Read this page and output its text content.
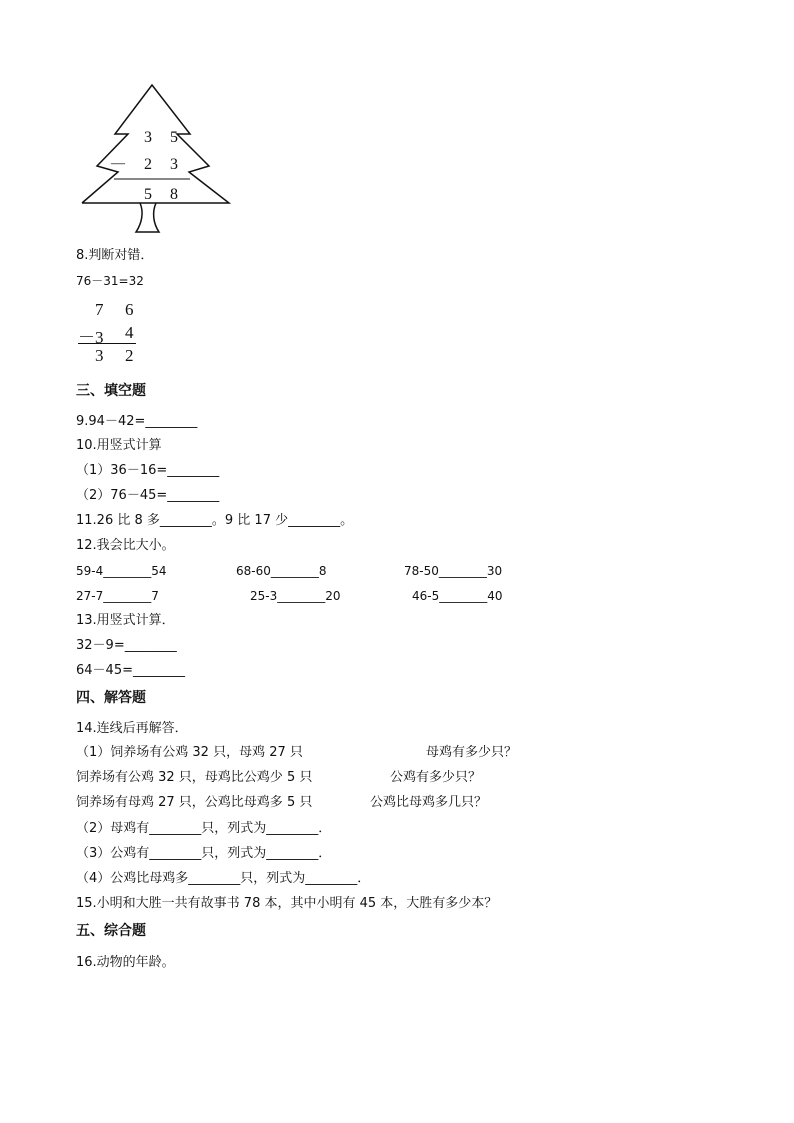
3 5
— 2 3
5 8
8.判断对错．
76－31=32
7 6
－3 4
3 2
三、填空题
9.94－42=________
10.用竖式计算
（1）36－16=________
（2）76－45=________
11.26 比 8 多________。9 比 17 少________。
12.我会比大小。
59-4________54	68-60________8	78-50________30
27-7________7	25-3________20	46-5________40
13.用竖式计算．
32－9=________
64－45=________
四、解答题
14.连线后再解答．
（1）饲养场有公鸡 32 只，母鸡 27 只	母鸡有多少只？
饲养场有公鸡 32 只，母鸡比公鸡少 5 只	公鸡有多少只？
饲养场有母鸡 27 只，公鸡比母鸡多 5 只	公鸡比母鸡多几只？
（2）母鸡有________只，列式为________．
（3）公鸡有________只，列式为________．
（4）公鸡比母鸡多________只，列式为________．
15.小明和大胜一共有故事书 78 本，其中小明有 45 本，大胜有多少本？
五、综合题
16.动物的年龄。
